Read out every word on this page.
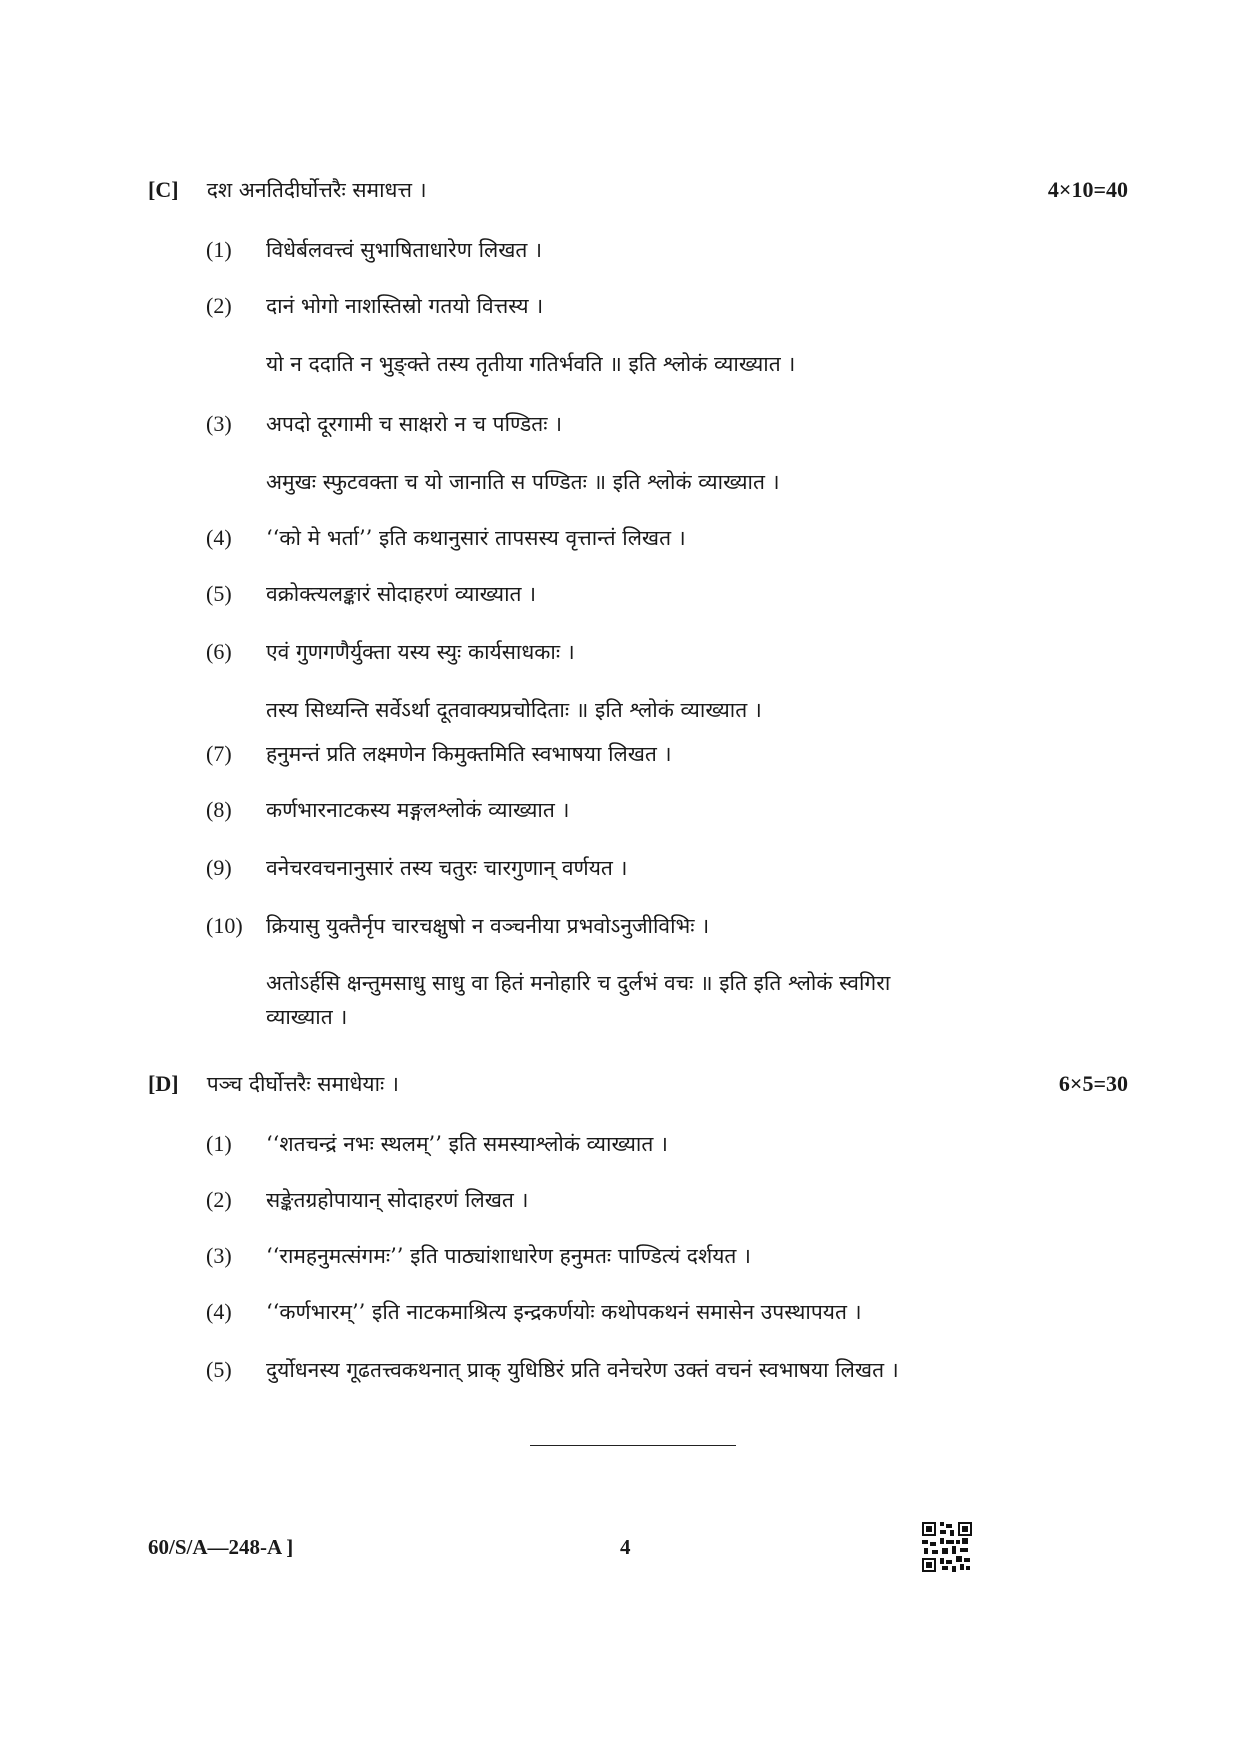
[C] दश अनतिदीर्घोत्तरैः समाधत्त ।	4×10=40
(1) विधेर्बलवत्त्वं सुभाषिताधारेण लिखत ।
(2) दानं भोगो नाशस्तिस्रो गतयो वित्तस्य ।
यो न ददाति न भुङ्क्ते तस्य तृतीया गतिर्भवति ॥ इति श्लोकं व्याख्यात ।
(3) अपदो दूरगामी च साक्षरो न च पण्डितः ।
अमुखः स्फुटवक्ता च यो जानाति स पण्डितः ॥ इति श्लोकं व्याख्यात ।
(4) ‘‘को मे भर्ता’’ इति कथानुसारं तापसस्य वृत्तान्तं लिखत ।
(5) वक्रोक्त्यलङ्कारं सोदाहरणं व्याख्यात ।
(6) एवं गुणगणैर्युक्ता यस्य स्युः कार्यसाधकाः ।
तस्य सिध्यन्ति सर्वेऽर्था दूतवाक्यप्रचोदिताः ॥ इति श्लोकं व्याख्यात ।
(7) हनुमन्तं प्रति लक्ष्मणेन किमुक्तमिति स्वभाषया लिखत ।
(8) कर्णभारनाटकस्य मङ्गलश्लोकं व्याख्यात ।
(9) वनेचरवचनानुसारं तस्य चतुरः चारगुणान् वर्णयत ।
(10) क्रियासु युक्तैर्नृप चारचक्षुषो न वञ्चनीया प्रभवोऽनुजीविभिः ।
अतोऽर्हसि क्षन्तुमसाधु साधु वा हितं मनोहारि च दुर्लभं वचः ॥ इति इति श्लोकं स्वगिरा
व्याख्यात ।
[D] पञ्च दीर्घोत्तरैः समाधेयाः ।	6×5=30
(1) ‘‘शतचन्द्रं नभः स्थलम्’’ इति समस्याश्लोकं व्याख्यात ।
(2) सङ्केतग्रहोपायान् सोदाहरणं लिखत ।
(3) ‘‘रामहनुमत्संगमः’’ इति पाठ्यांशाधारेण हनुमतः पाण्डित्यं दर्शयत ।
(4) ‘‘कर्णभारम्’’ इति नाटकमाश्रित्य इन्द्रकर्णयोः कथोपकथनं समासेन उपस्थापयत ।
(5) दुर्योधनस्य गूढतत्त्वकथनात् प्राक् युधिष्ठिरं प्रति वनेचरेण उक्तं वचनं स्वभाषया लिखत ।
60/S/A—248-A ]	4
